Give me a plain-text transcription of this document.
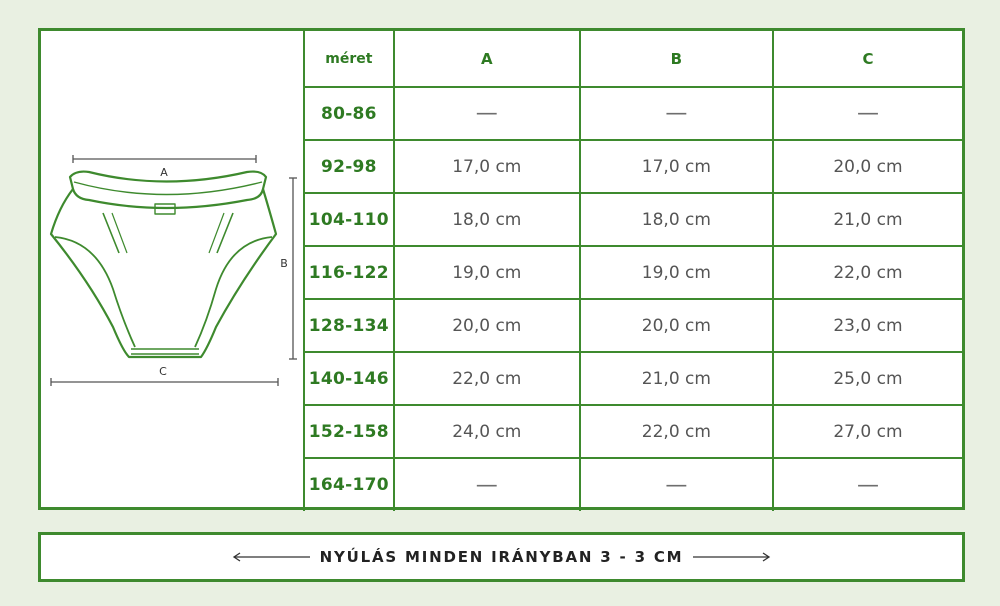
A
B
C
méret	A	B	C
80-86	—	—	—
92-98	17,0 cm	17,0 cm	20,0 cm
104-110	18,0 cm	18,0 cm	21,0 cm
116-122	19,0 cm	19,0 cm	22,0 cm
128-134	20,0 cm	20,0 cm	23,0 cm
140-146	22,0 cm	21,0 cm	25,0 cm
152-158	24,0 cm	22,0 cm	27,0 cm
164-170	—	—	—
NYÚLÁS MINDEN IRÁNYBAN 3 - 3 CM
